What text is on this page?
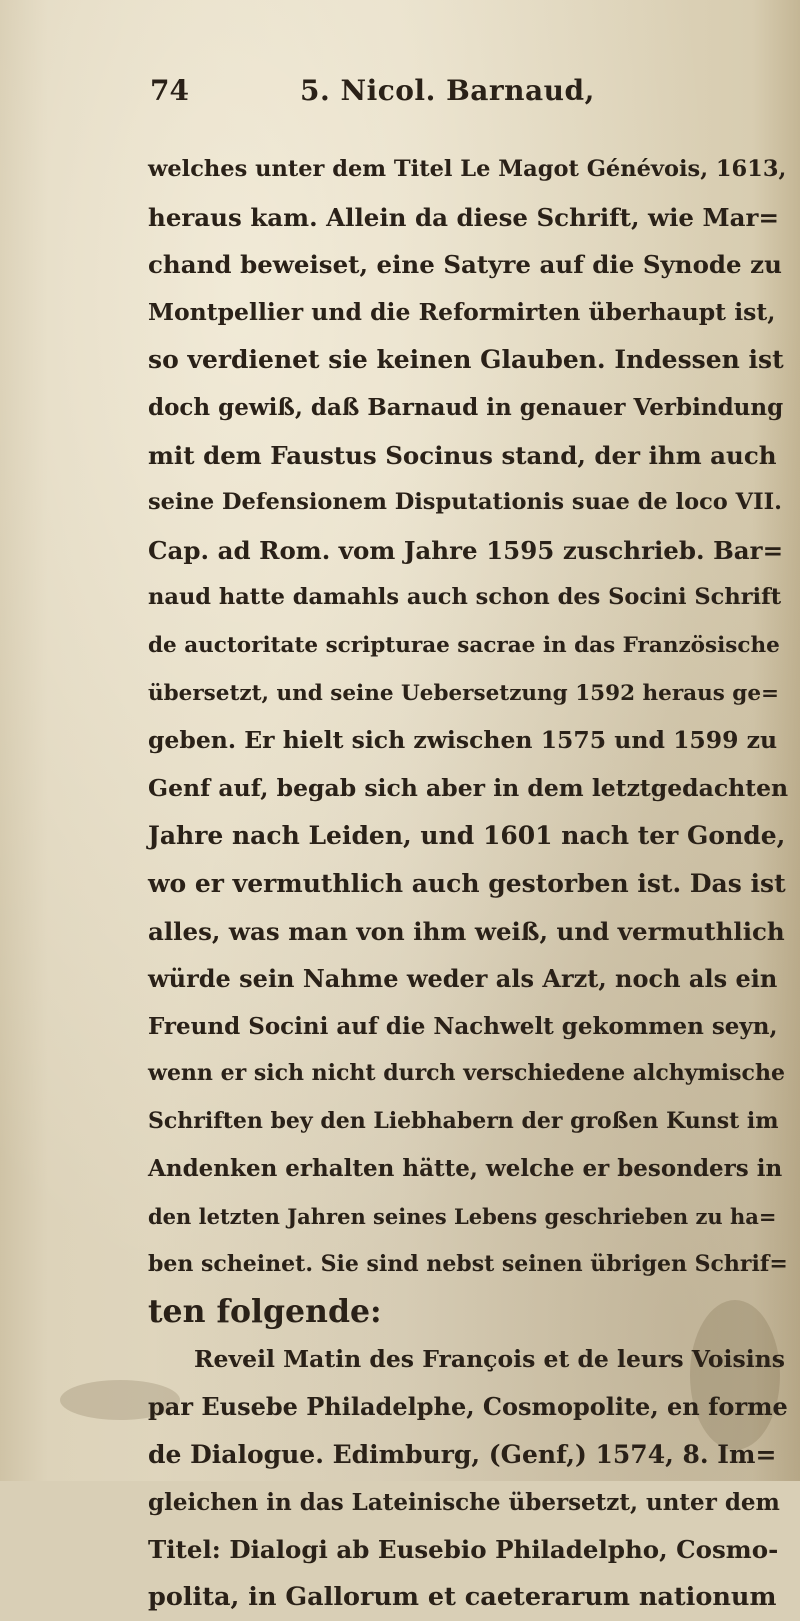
74	5. Nicol. Barnaud,
welches unter dem Titel Le Magot Génévois, 1613,
heraus kam. Allein da diese Schrift, wie Mar=
chand beweiset, eine Satyre auf die Synode zu
Montpellier und die Reformirten überhaupt ist,
so verdienet sie keinen Glauben. Indessen ist
doch gewiß, daß Barnaud in genauer Verbindung
mit dem Faustus Socinus stand, der ihm auch
seine Defensionem Disputationis suae de loco VII.
Cap. ad Rom. vom Jahre 1595 zuschrieb. Bar=
naud hatte damahls auch schon des Socini Schrift
de auctoritate scripturae sacrae in das Französische
übersetzt, und seine Uebersetzung 1592 heraus ge=
geben. Er hielt sich zwischen 1575 und 1599 zu
Genf auf, begab sich aber in dem letztgedachten
Jahre nach Leiden, und 1601 nach ter Gonde,
wo er vermuthlich auch gestorben ist. Das ist
alles, was man von ihm weiß, und vermuthlich
würde sein Nahme weder als Arzt, noch als ein
Freund Socini auf die Nachwelt gekommen seyn,
wenn er sich nicht durch verschiedene alchymische
Schriften bey den Liebhabern der großen Kunst im
Andenken erhalten hätte, welche er besonders in
den letzten Jahren seines Lebens geschrieben zu ha=
ben scheinet. Sie sind nebst seinen übrigen Schrif=
ten folgende:
Reveil Matin des François et de leurs Voisins
par Eusebe Philadelphe, Cosmopolite, en forme
de Dialogue. Edimburg, (Genf,) 1574, 8. Im=
gleichen in das Lateinische übersetzt, unter dem
Titel: Dialogi ab Eusebio Philadelpho, Cosmo-
polita, in Gallorum et caeterarum nationum
